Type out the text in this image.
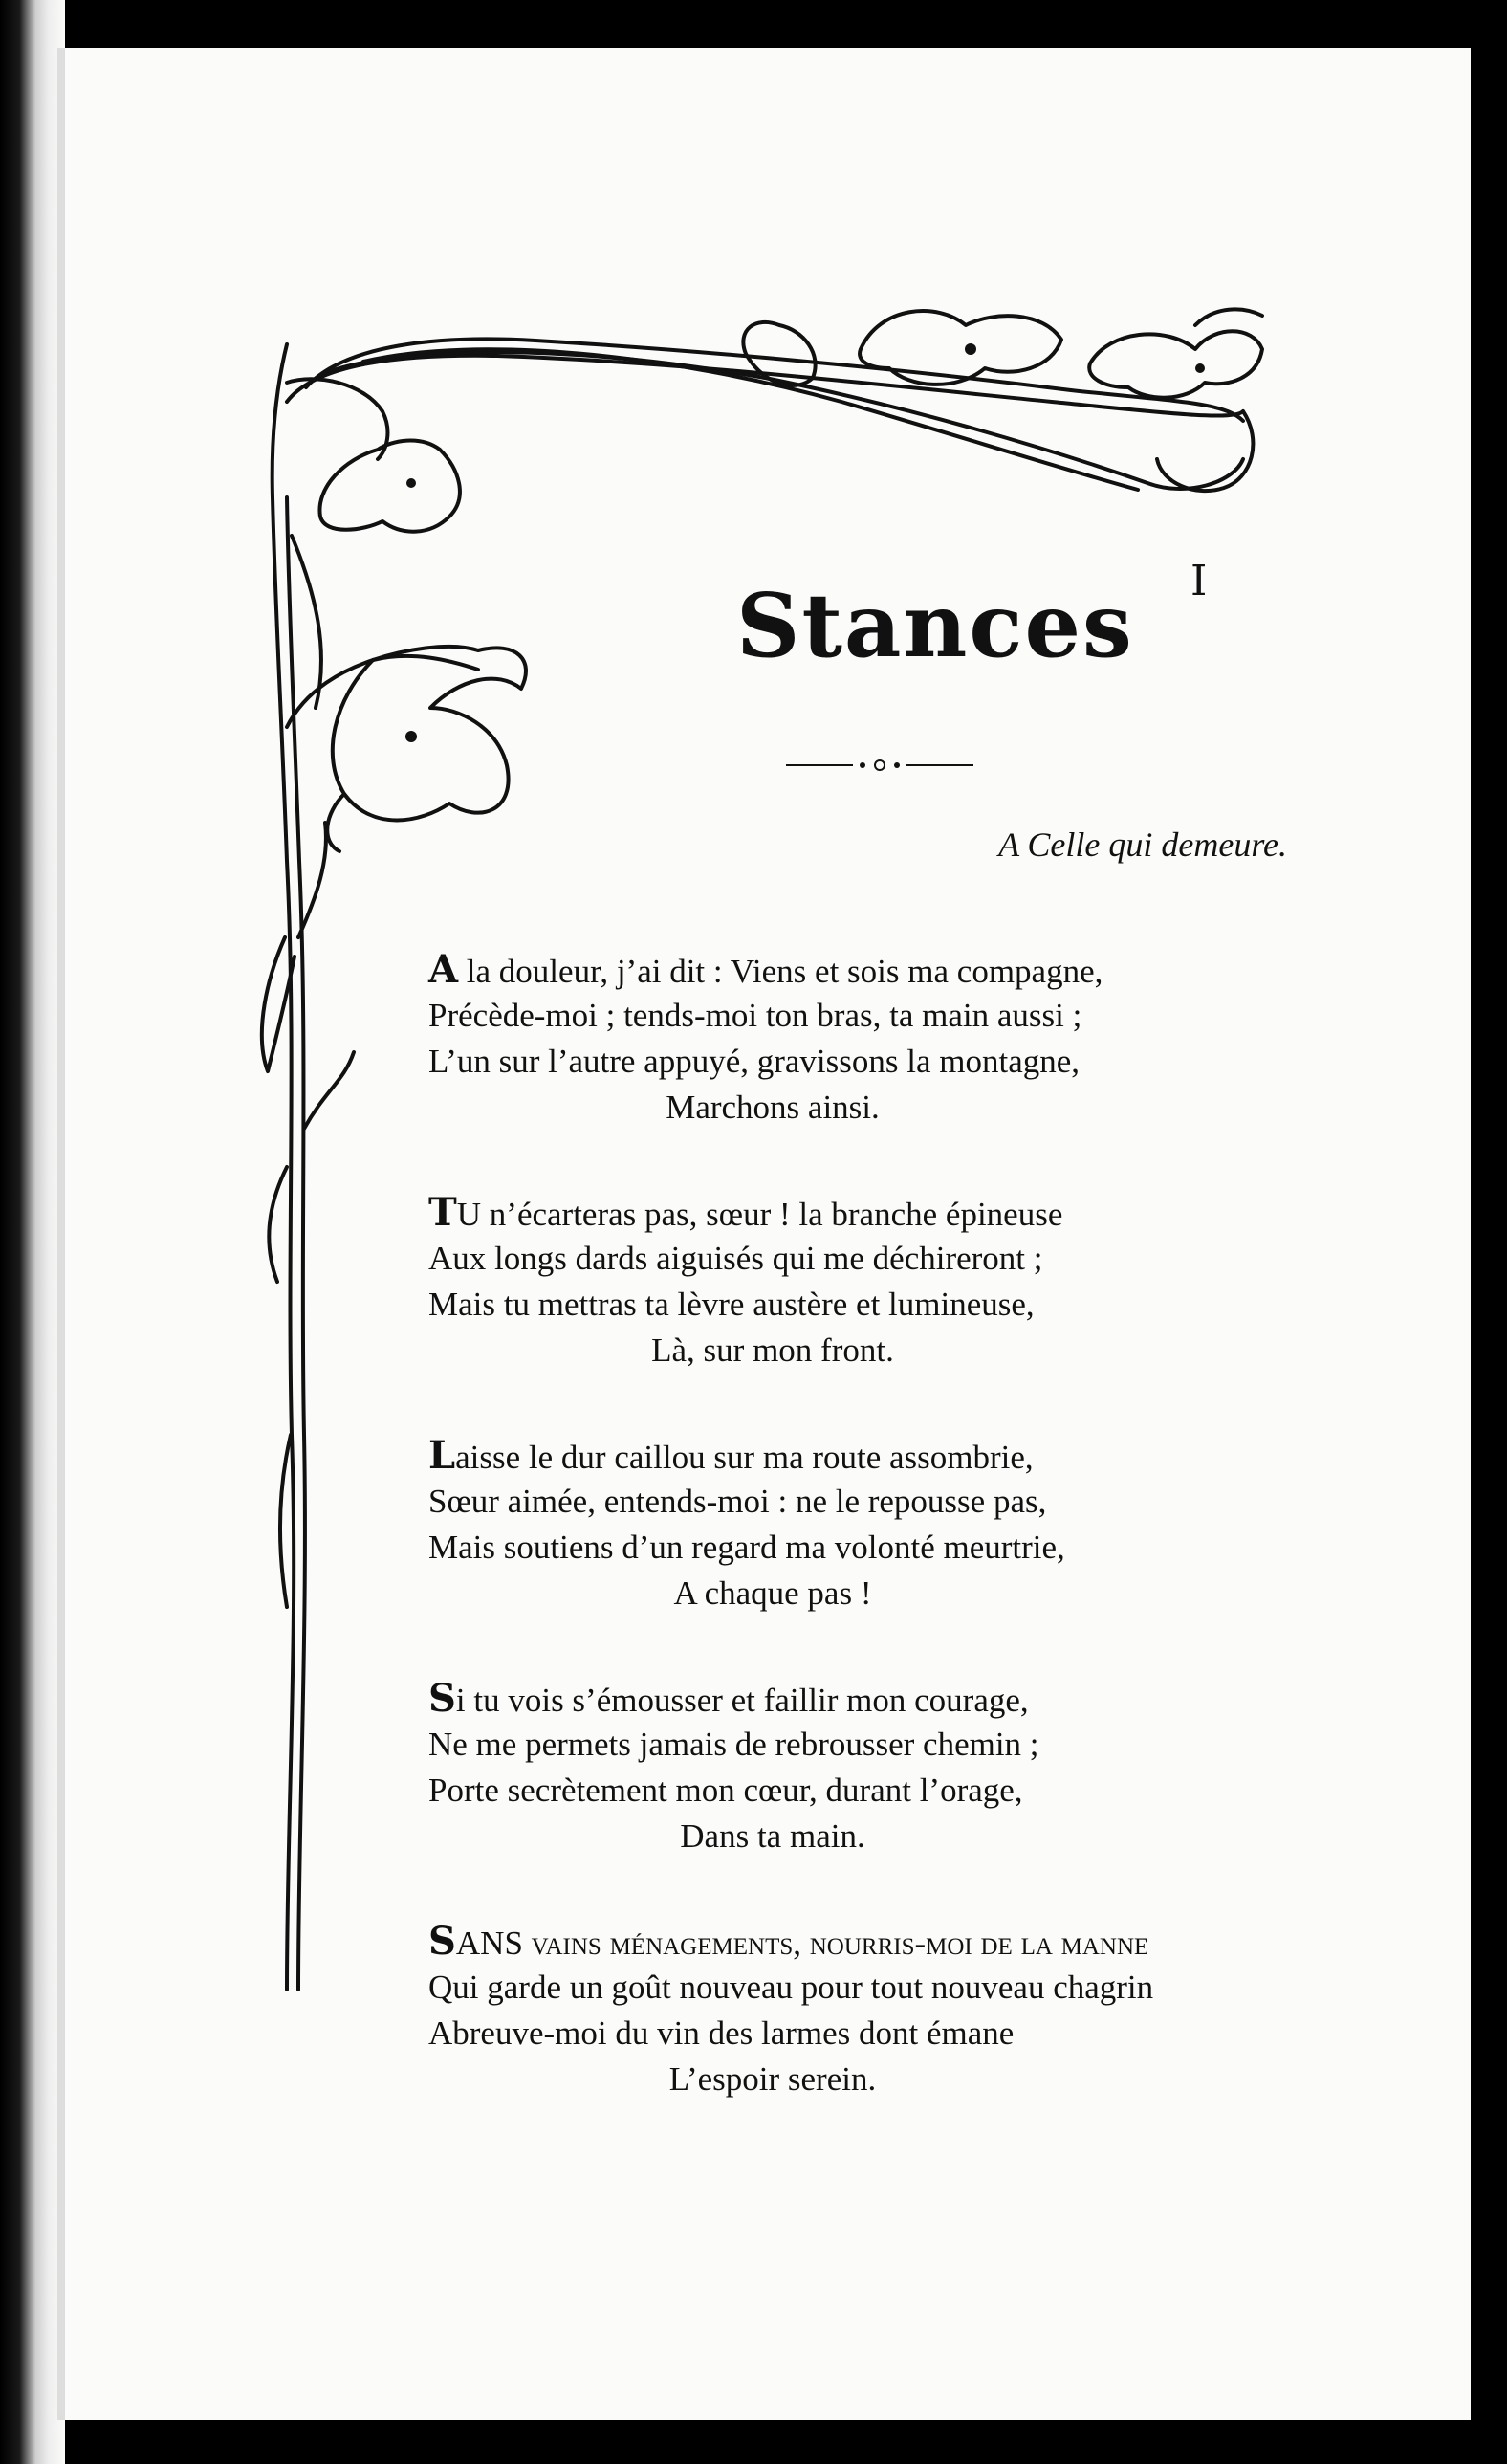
Stances I
A Celle qui demeure.
A la douleur, j’ai dit : Viens et sois ma compagne,
Précède-moi ; tends-moi ton bras, ta main aussi ;
L’un sur l’autre appuyé, gravissons la montagne,
Marchons ainsi.
TU n’écarteras pas, sœur ! la branche épineuse
Aux longs dards aiguisés qui me déchireront ;
Mais tu mettras ta lèvre austère et lumineuse,
Là, sur mon front.
Laisse le dur caillou sur ma route assombrie,
Sœur aimée, entends-moi : ne le repousse pas,
Mais soutiens d’un regard ma volonté meurtrie,
A chaque pas !
Si tu vois s’émousser et faillir mon courage,
Ne me permets jamais de rebrousser chemin ;
Porte secrètement mon cœur, durant l’orage,
Dans ta main.
SANS vains ménagements, nourris-moi de la manne
Qui garde un goût nouveau pour tout nouveau chagrin
Abreuve-moi du vin des larmes dont émane
L’espoir serein.
